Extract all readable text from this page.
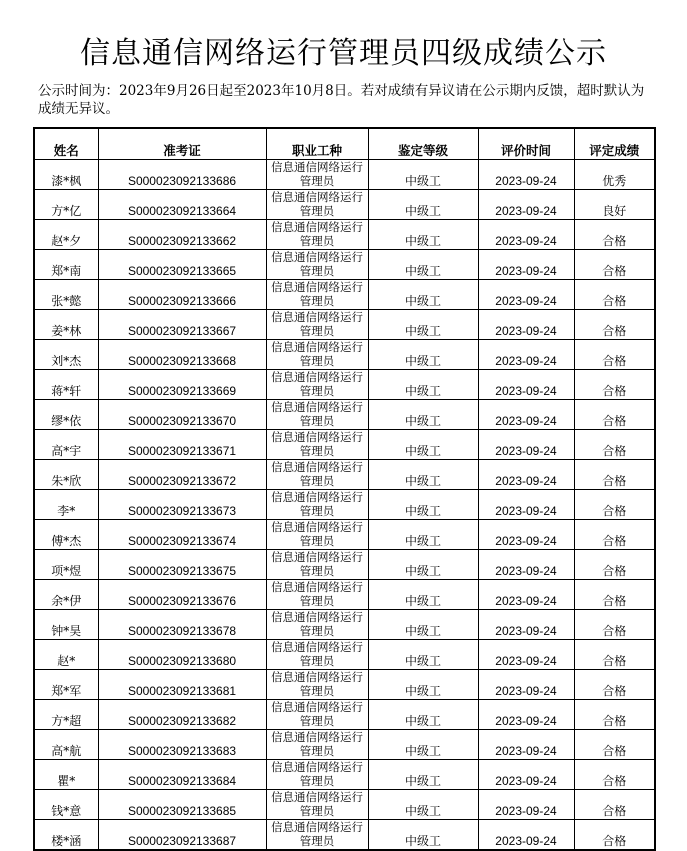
信息通信网络运行管理员四级成绩公示
公示时间为：2023年9月26日起至2023年10月8日。若对成绩有异议请在公示期内反馈，超时默认为成绩无异议。
姓名	准考证	职业工种	鉴定等级	评价时间	评定成绩
漆*枫	S000023092133686	信息通信网络运行管理员	中级工	2023-09-24	优秀
方*亿	S000023092133664	信息通信网络运行管理员	中级工	2023-09-24	良好
赵*夕	S000023092133662	信息通信网络运行管理员	中级工	2023-09-24	合格
郑*南	S000023092133665	信息通信网络运行管理员	中级工	2023-09-24	合格
张*懿	S000023092133666	信息通信网络运行管理员	中级工	2023-09-24	合格
姜*林	S000023092133667	信息通信网络运行管理员	中级工	2023-09-24	合格
刘*杰	S000023092133668	信息通信网络运行管理员	中级工	2023-09-24	合格
蒋*轩	S000023092133669	信息通信网络运行管理员	中级工	2023-09-24	合格
缪*依	S000023092133670	信息通信网络运行管理员	中级工	2023-09-24	合格
高*宇	S000023092133671	信息通信网络运行管理员	中级工	2023-09-24	合格
朱*欣	S000023092133672	信息通信网络运行管理员	中级工	2023-09-24	合格
李*	S000023092133673	信息通信网络运行管理员	中级工	2023-09-24	合格
傅*杰	S000023092133674	信息通信网络运行管理员	中级工	2023-09-24	合格
项*煜	S000023092133675	信息通信网络运行管理员	中级工	2023-09-24	合格
余*伊	S000023092133676	信息通信网络运行管理员	中级工	2023-09-24	合格
钟*昊	S000023092133678	信息通信网络运行管理员	中级工	2023-09-24	合格
赵*	S000023092133680	信息通信网络运行管理员	中级工	2023-09-24	合格
郑*军	S000023092133681	信息通信网络运行管理员	中级工	2023-09-24	合格
方*超	S000023092133682	信息通信网络运行管理员	中级工	2023-09-24	合格
高*航	S000023092133683	信息通信网络运行管理员	中级工	2023-09-24	合格
瞿*	S000023092133684	信息通信网络运行管理员	中级工	2023-09-24	合格
钱*意	S000023092133685	信息通信网络运行管理员	中级工	2023-09-24	合格
楼*涵	S000023092133687	信息通信网络运行管理员	中级工	2023-09-24	合格
